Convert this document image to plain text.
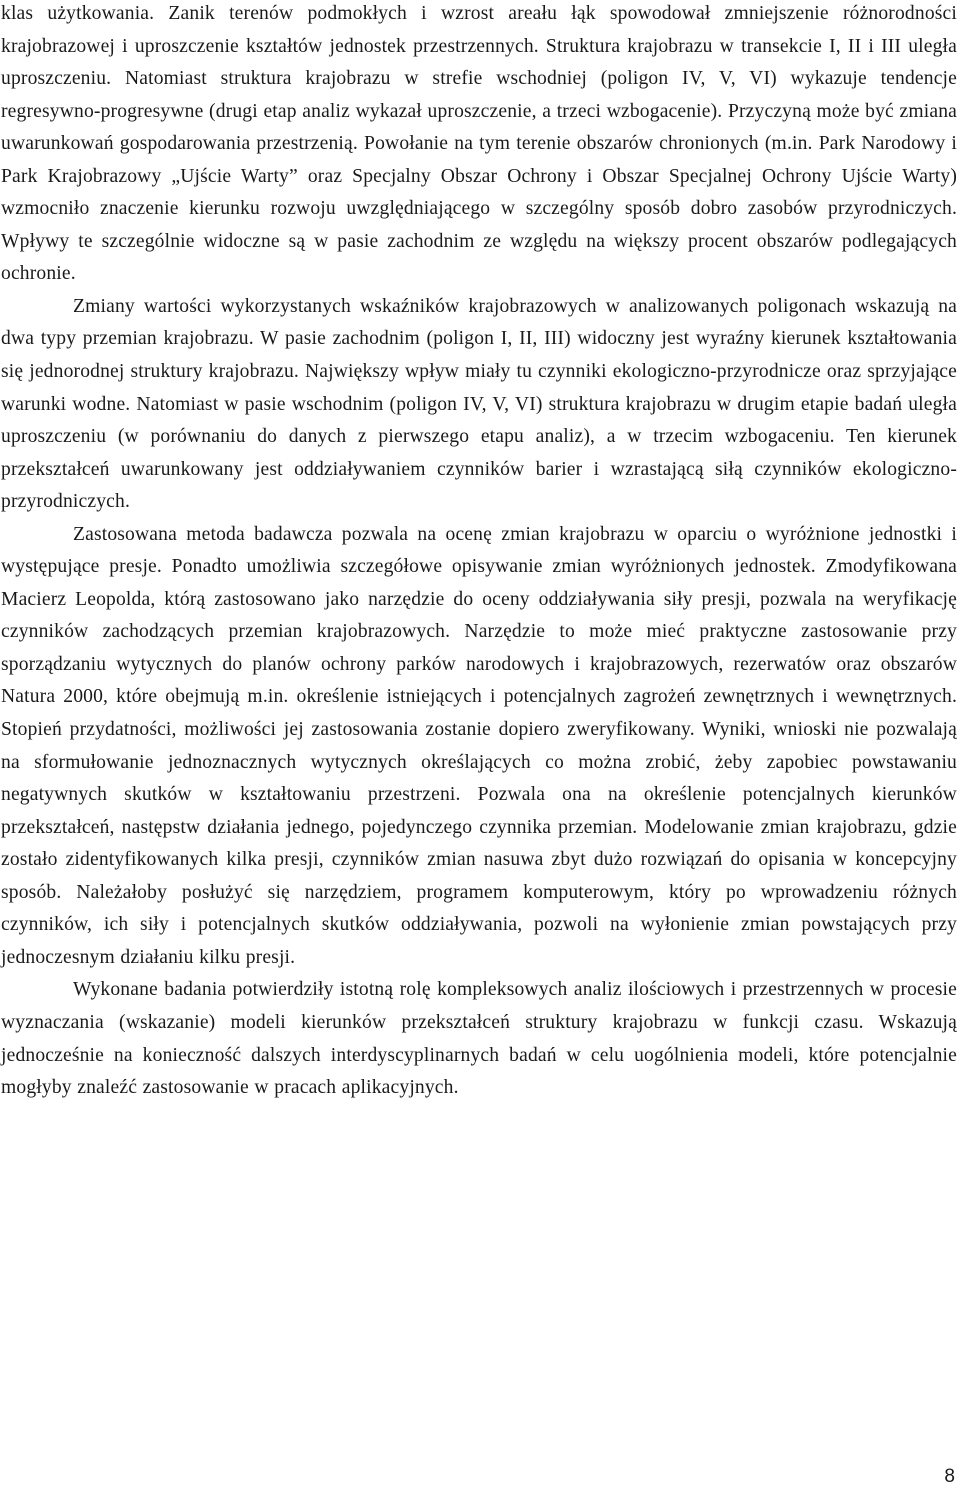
klas użytkowania. Zanik terenów podmokłych i wzrost areału łąk spowodował zmniejszenie różnorodności krajobrazowej i uproszczenie kształtów jednostek przestrzennych. Struktura krajobrazu w transekcie I, II i III uległa uproszczeniu. Natomiast struktura krajobrazu w strefie wschodniej (poligon IV, V, VI) wykazuje tendencje regresywno-progresywne (drugi etap analiz wykazał uproszczenie, a trzeci wzbogacenie). Przyczyną może być zmiana uwarunkowań gospodarowania przestrzenią. Powołanie na tym terenie obszarów chronionych (m.in. Park Narodowy i Park Krajobrazowy „Ujście Warty” oraz Specjalny Obszar Ochrony i Obszar Specjalnej Ochrony Ujście Warty) wzmocniło znaczenie kierunku rozwoju uwzględniającego w szczególny sposób dobro zasobów przyrodniczych. Wpływy te szczególnie widoczne są w pasie zachodnim ze względu na większy procent obszarów podlegających ochronie.

Zmiany wartości wykorzystanych wskaźników krajobrazowych w analizowanych poligonach wskazują na dwa typy przemian krajobrazu. W pasie zachodnim (poligon I, II, III) widoczny jest wyraźny kierunek kształtowania się jednorodnej struktury krajobrazu. Największy wpływ miały tu czynniki ekologiczno-przyrodnicze oraz sprzyjające warunki wodne. Natomiast w pasie wschodnim (poligon IV, V, VI) struktura krajobrazu w drugim etapie badań uległa uproszczeniu (w porównaniu do danych z pierwszego etapu analiz), a w trzecim wzbogaceniu. Ten kierunek przekształceń uwarunkowany jest oddziaływaniem czynników barier i wzrastającą siłą czynników ekologiczno-przyrodniczych.

Zastosowana metoda badawcza pozwala na ocenę zmian krajobrazu w oparciu o wyróżnione jednostki i występujące presje. Ponadto umożliwia szczegółowe opisywanie zmian wyróżnionych jednostek. Zmodyfikowana Macierz Leopolda, którą zastosowano jako narzędzie do oceny oddziaływania siły presji, pozwala na weryfikację czynników zachodzących przemian krajobrazowych. Narzędzie to może mieć praktyczne zastosowanie przy sporządzaniu wytycznych do planów ochrony parków narodowych i krajobrazowych, rezerwatów oraz obszarów Natura 2000, które obejmują m.in. określenie istniejących i potencjalnych zagrożeń zewnętrznych i wewnętrznych. Stopień przydatności, możliwości jej zastosowania zostanie dopiero zweryfikowany. Wyniki, wnioski nie pozwalają na sformułowanie jednoznacznych wytycznych określających co można zrobić, żeby zapobiec powstawaniu negatywnych skutków w kształtowaniu przestrzeni. Pozwala ona na określenie potencjalnych kierunków przekształceń, następstw działania jednego, pojedynczego czynnika przemian. Modelowanie zmian krajobrazu, gdzie zostało zidentyfikowanych kilka presji, czynników zmian nasuwa zbyt dużo rozwiązań do opisania w koncepcyjny sposób. Należałoby posłużyć się narzędziem, programem komputerowym, który po wprowadzeniu różnych czynników, ich siły i potencjalnych skutków oddziaływania, pozwoli na wyłonienie zmian powstających przy jednoczesnym działaniu kilku presji.

Wykonane badania potwierdziły istotną rolę kompleksowych analiz ilościowych i przestrzennych w procesie wyznaczania (wskazanie) modeli kierunków przekształceń struktury krajobrazu w funkcji czasu. Wskazują jednocześnie na konieczność dalszych interdyscyplinarnych badań w celu uogólnienia modeli, które potencjalnie mogłyby znaleźć zastosowanie w pracach aplikacyjnych.

8
